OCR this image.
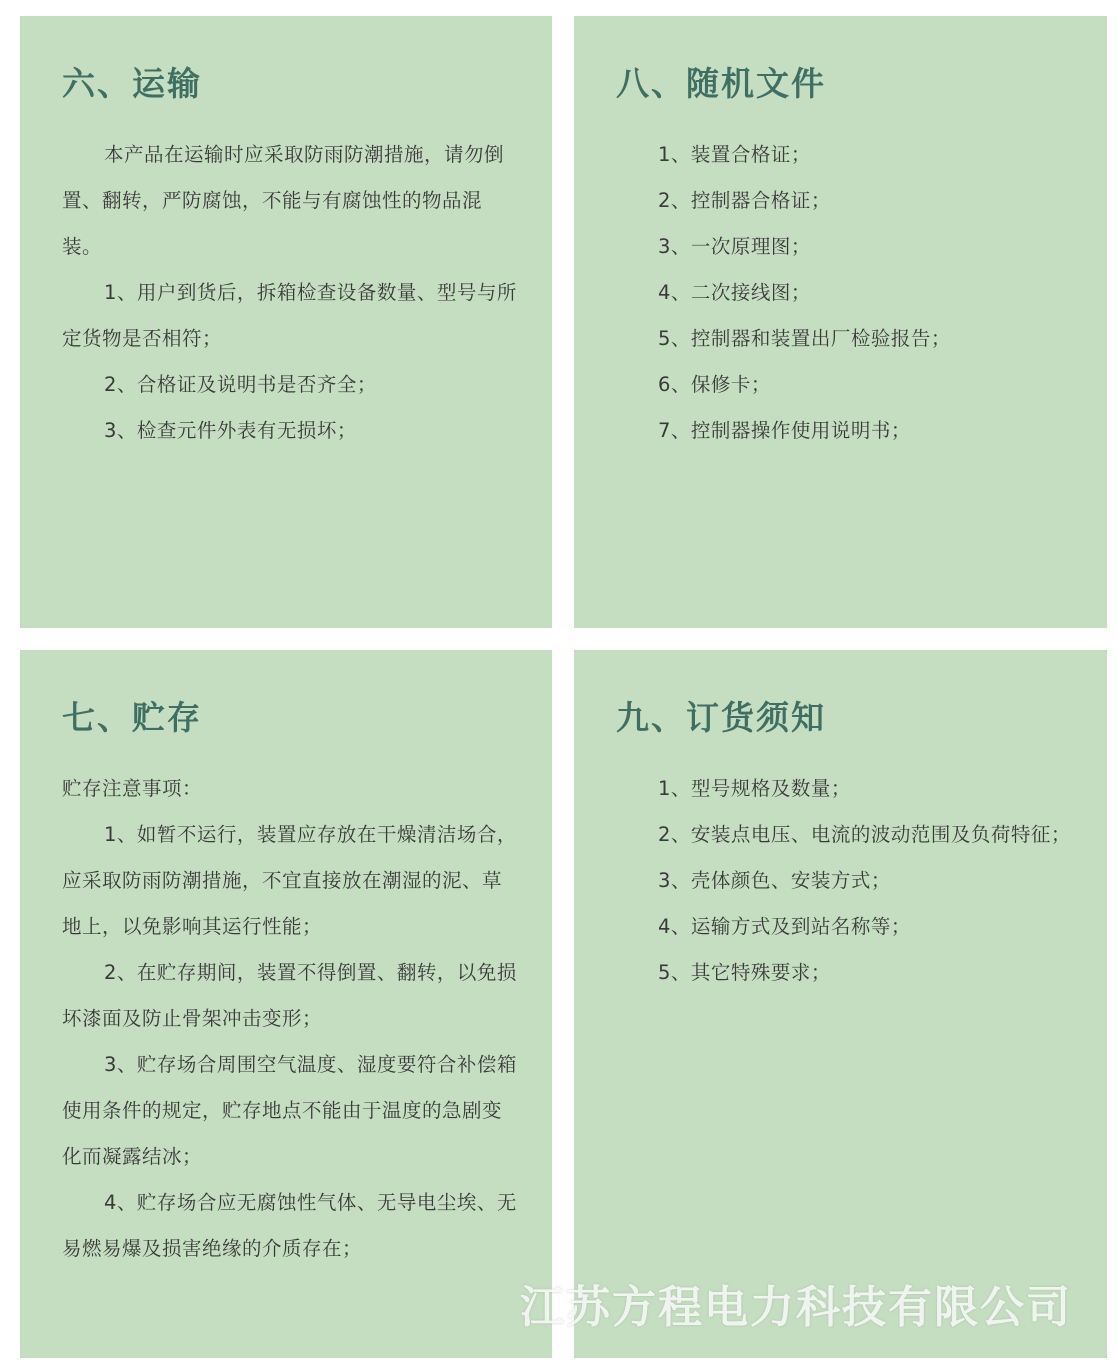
六、运输

本产品在运输时应采取防雨防潮措施，请勿倒置、翻转，严防腐蚀，不能与有腐蚀性的物品混装。

1、用户到货后，拆箱检查设备数量、型号与所定货物是否相符；

2、合格证及说明书是否齐全；

3、检查元件外表有无损坏；

八、随机文件

1、装置合格证；

2、控制器合格证；

3、一次原理图；

4、二次接线图；

5、控制器和装置出厂检验报告；

6、保修卡；

7、控制器操作使用说明书；

七、贮存

贮存注意事项：

1、如暂不运行，装置应存放在干燥清洁场合，应采取防雨防潮措施，不宜直接放在潮湿的泥、草地上，以免影响其运行性能；

2、在贮存期间，装置不得倒置、翻转，以免损坏漆面及防止骨架冲击变形；

3、贮存场合周围空气温度、湿度要符合补偿箱使用条件的规定，贮存地点不能由于温度的急剧变化而凝露结冰；

4、贮存场合应无腐蚀性气体、无导电尘埃、无易燃易爆及损害绝缘的介质存在；

九、订货须知

1、型号规格及数量；

2、安装点电压、电流的波动范围及负荷特征；

3、壳体颜色、安装方式；

4、运输方式及到站名称等；

5、其它特殊要求；

江苏方程电力科技有限公司
